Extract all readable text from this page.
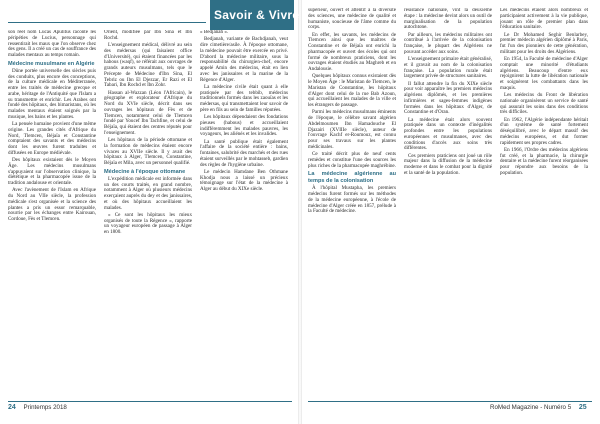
Savoir & Vivre

son réel nom Lucas Apulitus raconte les péripéties de Lucius, personnage qui ressentirait les maux que l'on observe chez des gens. Il a créé un cas de souffrance des malades mentaux au temps romain.

Médecine musulmane en Algérie

Dûne portée universelle des siècles puis des conduits, plus encore des conceptions, de la culture médicale en Méditerranée, entre les traités de médecine grecque et arabe, héritage de l'Antiquité que l'Islam a su transmettre et enrichir. Les Arabes ont fondé des hôpitaux, des bimaristans, où les malades mentaux étaient soignés par la musique, les bains et les plantes.

La pensée humaine provient d'une même origine. Les grandes cités d'Afrique du Nord, Tlemcen, Béjaïa et Constantine comptaient des savants et des médecins dont les œuvres furent traduites et diffusées en Europe médiévale.

Des hôpitaux existaient dès le Moyen Âge. Les médecins musulmans s'appuyaient sur l'observation clinique, la diététique et la pharmacopée issue de la tradition andalouse et orientale.

Avec l'avènement de l'Islam en Afrique du Nord au VIIe siècle, la profession médicale s'est organisée et la science des plantes a pris un essor remarquable, nourrie par les échanges entre Kairouan, Cordoue, Fès et Tlemcen.

Orient, modifiée par Ibn Sina et Ibn Rochd.

L'enseignement médical, délivré au sein des médersas (qui faisaient office d'Université), qui étaient financées par les habous (waqf), se référait aux ouvrages de grands auteurs musulmans, tels que le Précepte de Médecine d'Ibn Sina, El Tebriz ou Ibn El Djezzar, Er Razi et El Tabari, Ibn Rochd et Ibn Zohr.

Hassan al-Wazzan (Léon l'Africain), le géographe et explorateur d'Afrique du Nord du XVIe siècle, décrit dans ses ouvrages les hôpitaux de Fès et de Tlemcen, notamment celui de Tlemcen fondé par Youcef Ibn Tachfine, et celui de Béjaïa, qui étaient des centres réputés pour l'enseignement.

Les hôpitaux de la période ottomane et la formation de médecins étaient encore vivaces au XVIIe siècle. Il y avait des hôpitaux à Alger, Tlemcen, Constantine, Béjaïa et Mila, avec un personnel qualifié.

Médecine à l'époque ottomane

L'expédition médicale est informée dans un des courts traités, en grand nombre, notamment à Alger où plusieurs médecins exerçaient auprès du dey et des janissaires, et où des hôpitaux accueillaient les malades.

« Ce sont les hôpitaux les mieux organisés de toute la Régence », rapporte un voyageur européen de passage à Alger en 1800.

« Bedjanah ».

Bedjanah, variante de Bachdjanah, veut dire cimetière/asile. À l'époque ottomane, la médecine pouvait être exercée en privé. D'abord la médecine militaire, sous la responsabilité du chirurgien-chef, encore appelé Amin des médecins, était en lien avec les janissaires et la marine de la Régence d'Alger.

La médecine civile était quant à elle pratiquée par des tebbib, médecins traditionnels formés dans les zaouïas et les médersas, qui transmettaient leur savoir de père en fils au sein de familles réputées.

Les hôpitaux dépendaient des fondations pieuses (habous) et accueillaient indifféremment les malades pauvres, les voyageurs, les aliénés et les invalides.

La santé publique était également l'affaire de la société entière : bains, fontaines, salubrité des marchés et des rues étaient surveillés par le mohtasseb, gardien des règles de l'hygiène urbaine.

Le médecin Hamdane Ben Othmane Khodja nous a laissé un précieux témoignage sur l'état de la médecine à Alger au début du XIXe siècle.

supérieur, ouvert et attentif à la diversité des sciences, une médecine de qualité et humaniste, soucieuse de l'âme comme du corps.

En effet, les savants, les médecins de Tlemcen ainsi que les maîtres de Constantine et de Béjaïa ont enrichi la pharmacopée et ouvert des écoles qui ont formé de nombreux praticiens, dont les ouvrages étaient étudiés au Maghreb et en Andalousie.

Quelques hôpitaux connus existaient dès le Moyen Âge : le Maristan de Tlemcen, le Maristan de Constantine, les hôpitaux d'Alger dont celui de la rue Bab Azoun, qui accueillaient les malades de la ville et les étrangers de passage.

Parmi les médecins musulmans éminents de l'époque, le célèbre savant algérien Abdelmoumen Ibn Hamadouche El Djazairi (XVIIIe siècle), auteur de l'ouvrage Kachf er-Roumouz, est connu pour ses travaux sur les plantes médicinales.

Ce traité décrit plus de neuf cents remèdes et constitue l'une des sources les plus riches de la pharmacopée maghrébine.

La médecine algérienne au temps de la colonisation

À l'hôpital Mustapha, les premiers médecins furent formés sur les méthodes de la médecine européenne, à l'école de médecine d'Alger créée en 1857, prélude à la Faculté de médecine.

résistance nationale, vint la deuxième étape : la médecine devint alors un outil de marginalisation de la population autochtone.

Par ailleurs, les médecins militaires ont contribué à l'arrivée de la colonisation française, le plupart des Algériens ne pouvant accéder aux soins.

L'enseignement primaire était généralisé, et il gravait au nom de la colonisation française. La population rurale était largement privée de structures sanitaires.

Il fallut attendre la fin du XIXe siècle pour voir apparaître les premiers médecins algériens diplômés, et les premières infirmières et sages-femmes indigènes formées dans les hôpitaux d'Alger, de Constantine et d'Oran.

La médecine était alors souvent pratiquée dans un contexte d'inégalités profondes entre les populations européennes et musulmanes, avec des conditions d'accès aux soins très différentes.

Ces premiers praticiens ont joué un rôle majeur dans la diffusion de la médecine moderne et dans le combat pour la dignité et la santé de la population.

Les médecins étaient alors nombreux et participaient activement à la vie publique, jouant un rôle de premier plan dans l'éducation sanitaire.

Le Dr Mohamed Seghir Benlarbey, premier médecin algérien diplômé à Paris, fut l'un des pionniers de cette génération, militant pour les droits des Algériens.

En 1954, la Faculté de médecine d'Alger comptait une minorité d'étudiants algériens. Beaucoup d'entre eux rejoignirent la lutte de libération nationale et soignèrent les combattants dans les maquis.

Les médecins du Front de libération nationale organisèrent un service de santé qui assurait les soins dans des conditions très difficiles.

En 1962, l'Algérie indépendante héritait d'un système de santé fortement déséquilibré, avec le départ massif des médecins européens, et dut former rapidement ses propres cadres.

En 1966, l'Ordre des médecins algériens fut créé, et la pharmacie, la chirurgie dentaire et la médecine furent réorganisées pour répondre aux besoins de la population.

24 Printemps 2018	RoMed Magazine - Numéro 5 25
